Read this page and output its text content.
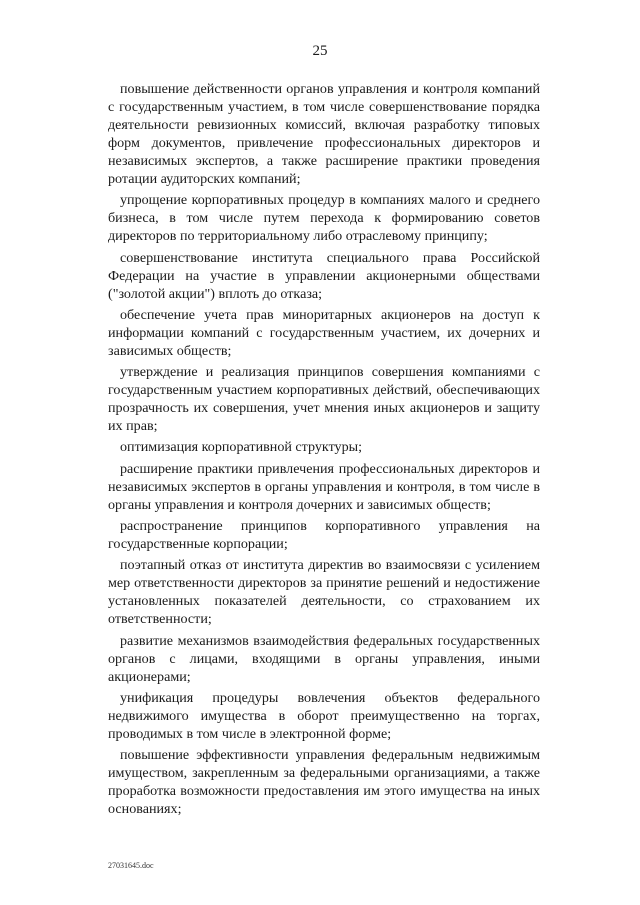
25

повышение действенности органов управления и контроля компаний с государственным участием, в том числе совершенствование порядка деятельности ревизионных комиссий, включая разработку типовых форм документов, привлечение профессиональных директоров и независимых экспертов, а также расширение практики проведения ротации аудиторских компаний;

упрощение корпоративных процедур в компаниях малого и среднего бизнеса, в том числе путем перехода к формированию советов директоров по территориальному либо отраслевому принципу;

совершенствование института специального права Российской Федерации на участие в управлении акционерными обществами ("золотой акции") вплоть до отказа;

обеспечение учета прав миноритарных акционеров на доступ к информации компаний с государственным участием, их дочерних и зависимых обществ;

утверждение и реализация принципов совершения компаниями с государственным участием корпоративных действий, обеспечивающих прозрачность их совершения, учет мнения иных акционеров и защиту их прав;

оптимизация корпоративной структуры;

расширение практики привлечения профессиональных директоров и независимых экспертов в органы управления и контроля, в том числе в органы управления и контроля дочерних и зависимых обществ;

распространение принципов корпоративного управления на государственные корпорации;

поэтапный отказ от института директив во взаимосвязи с усилением мер ответственности директоров за принятие решений и недостижение установленных показателей деятельности, со страхованием их ответственности;

развитие механизмов взаимодействия федеральных государственных органов с лицами, входящими в органы управления, иными акционерами;

унификация процедуры вовлечения объектов федерального недвижимого имущества в оборот преимущественно на торгах, проводимых в том числе в электронной форме;

повышение эффективности управления федеральным недвижимым имуществом, закрепленным за федеральными организациями, а также проработка возможности предоставления им этого имущества на иных основаниях;

27031645.doc
